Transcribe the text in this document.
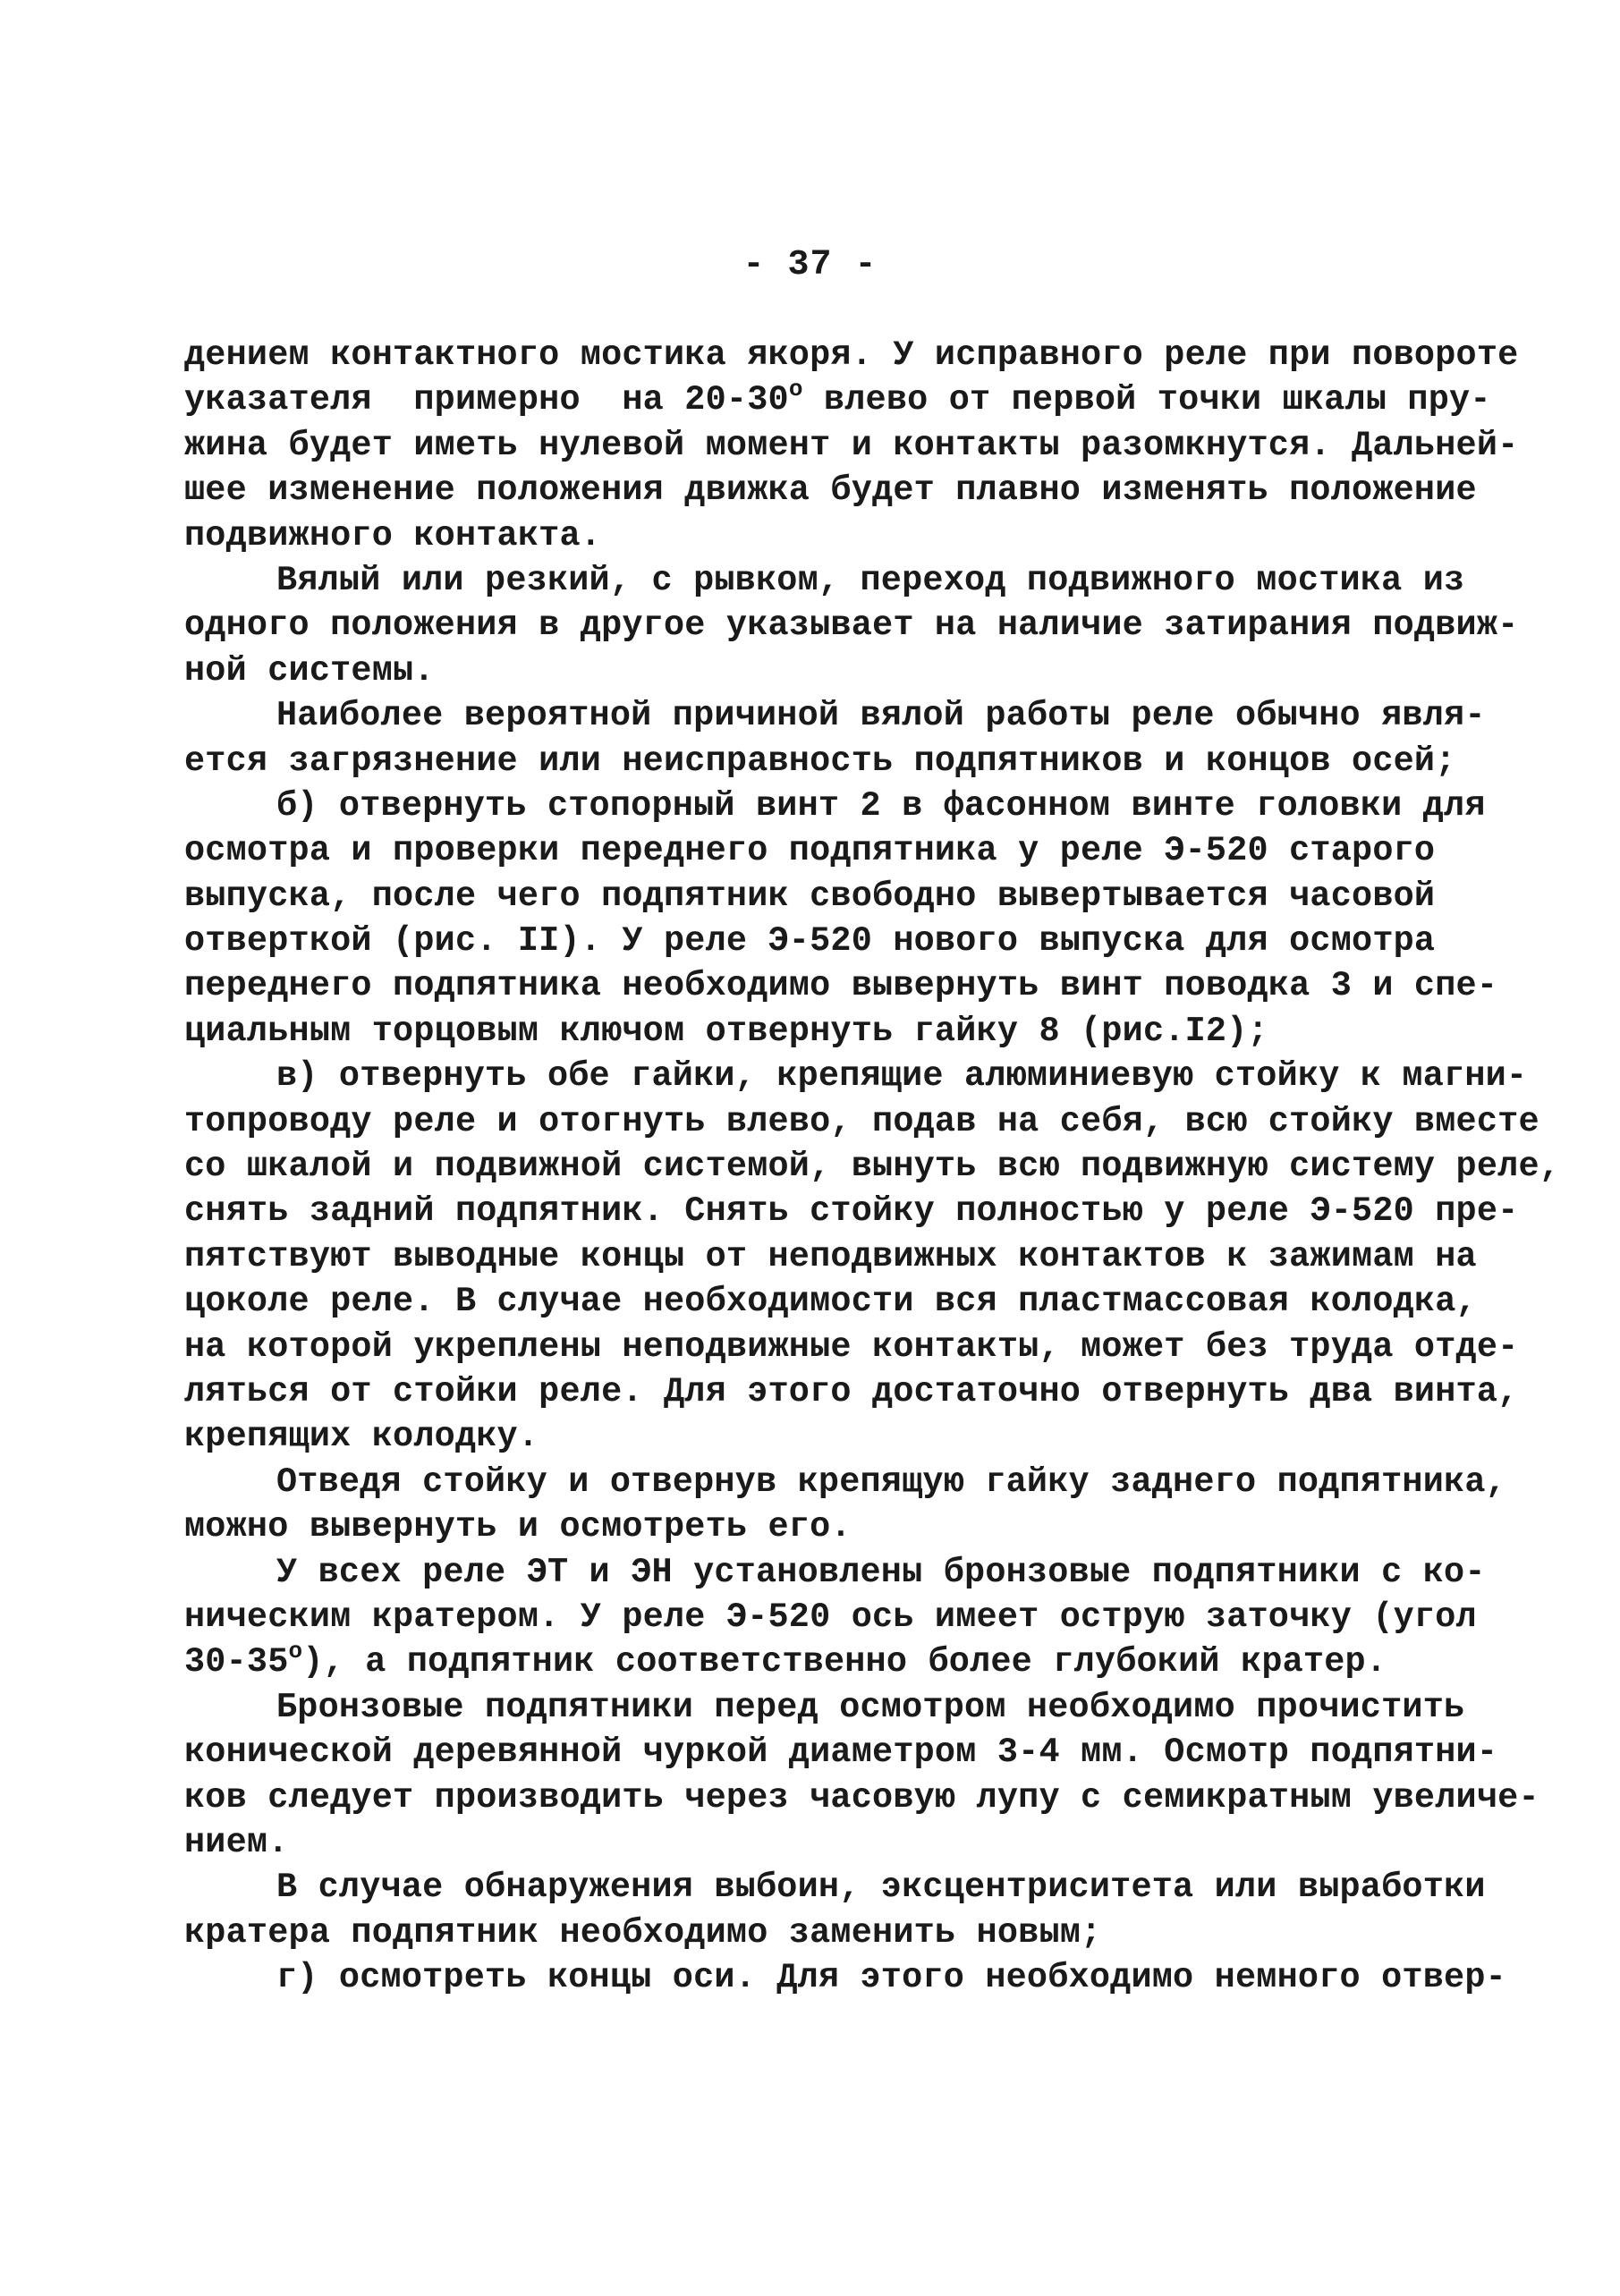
- 37 -
дением контактного мостика якоря. У исправного реле при повороте
указателя  примерно  на $20-30^о$ влево от первой точки шкалы пру-
жина будет иметь нулевой момент и контакты разомкнутся. Дальней-
шее изменение положения движка будет плавно изменять положение
подвижного контакта.
Вялый или резкий, с рывком, переход подвижного мостика из
одного положения в другое указывает на наличие затирания подвиж-
ной системы.
Наиболее вероятной причиной вялой работы реле обычно явля-
ется загрязнение или неисправность подпятников и концов осей;
б) отвернуть стопорный винт 2 в фасонном винте головки для
осмотра и проверки переднего подпятника у реле Э-520 старого
выпуска, после чего подпятник свободно вывертывается часовой
отверткой (рис. II). У реле Э-520 нового выпуска для осмотра
переднего подпятника необходимо вывернуть винт поводка 3 и спе-
циальным торцовым ключом отвернуть гайку 8 (рис.I2);
в) отвернуть обе гайки, крепящие алюминиевую стойку к магни-
топроводу реле и отогнуть влево, подав на себя, всю стойку вместе
со шкалой и подвижной системой, вынуть всю подвижную систему реле,
снять задний подпятник. Снять стойку полностью у реле Э-520 пре-
пятствуют выводные концы от неподвижных контактов к зажимам на
цоколе реле. В случае необходимости вся пластмассовая колодка,
на которой укреплены неподвижные контакты, может без труда отде-
ляться от стойки реле. Для этого достаточно отвернуть два винта,
крепящих колодку.
Отведя стойку и отвернув крепящую гайку заднего подпятника,
можно вывернуть и осмотреть его.
У всех реле ЭТ и ЭН установлены бронзовые подпятники с ко-
ническим кратером. У реле Э-520 ось имеет острую заточку (угол
$30-35^о$), а подпятник соответственно более глубокий кратер.
Бронзовые подпятники перед осмотром необходимо прочистить
конической деревянной чуркой диаметром 3-4 мм. Осмотр подпятни-
ков следует производить через часовую лупу с семикратным увеличе-
нием.
В случае обнаружения выбоин, эксцентриситета или выработки
кратера подпятник необходимо заменить новым;
г) осмотреть концы оси. Для этого необходимо немного отвер-
